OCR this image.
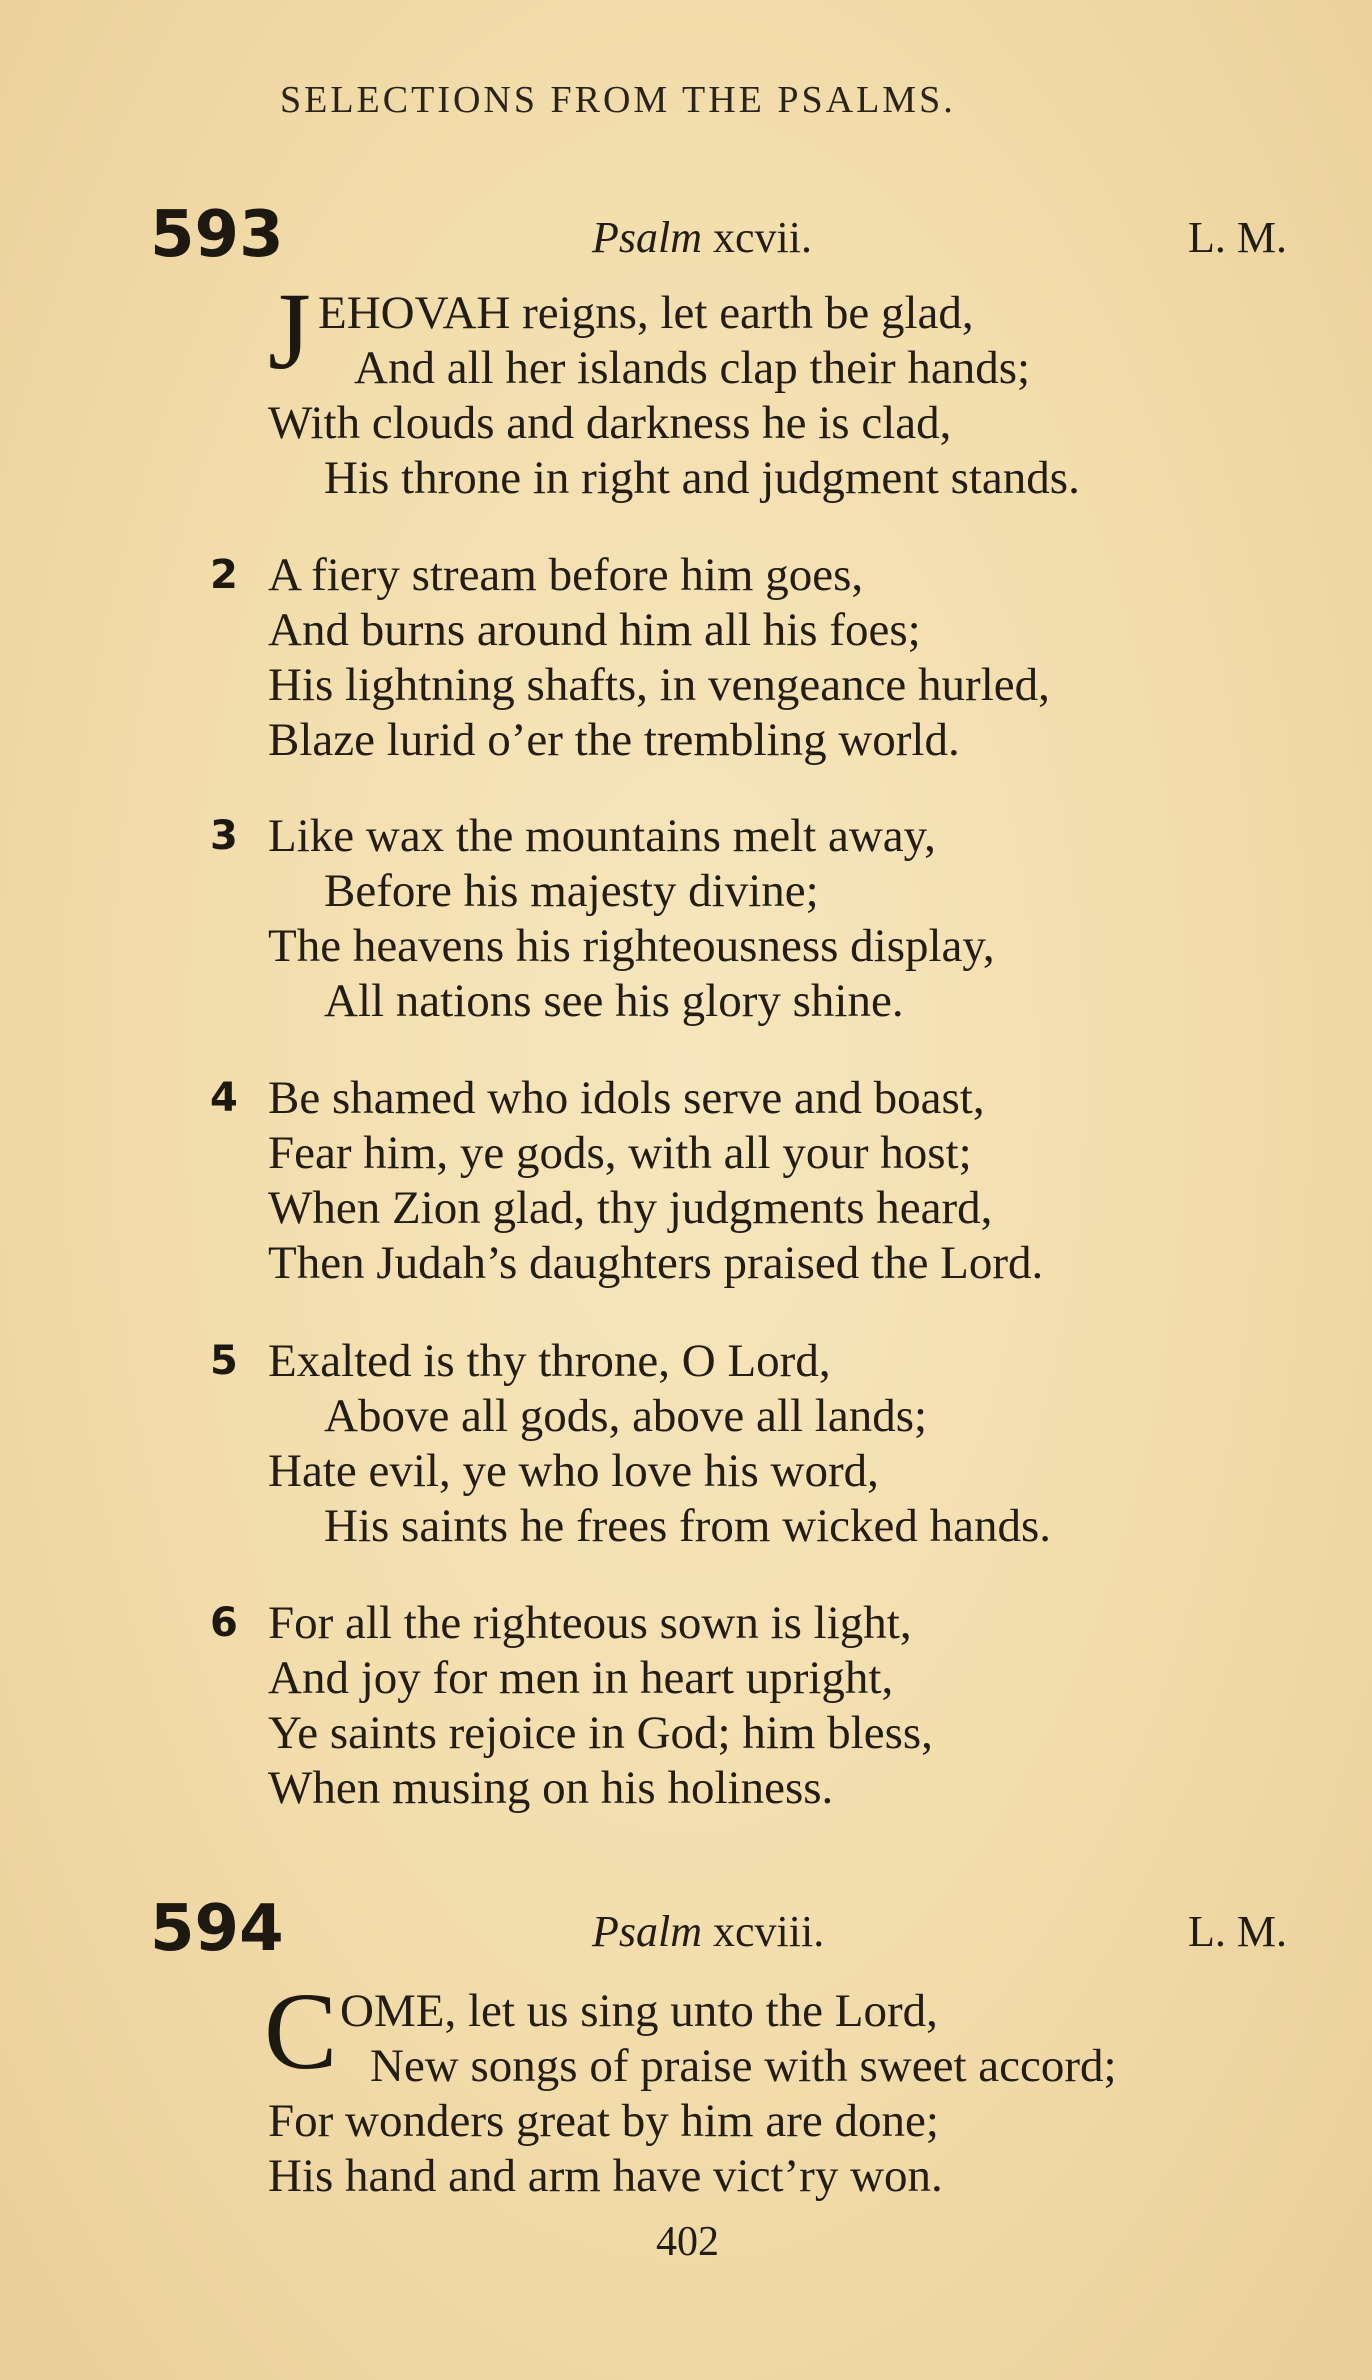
SELECTIONS FROM THE PSALMS.
593	Psalm xcvii.	L. M.
J EHOVAH reigns, let earth be glad,
And all her islands clap their hands;
With clouds and darkness he is clad,
His throne in right and judgment stands.
2 A fiery stream before him goes,
And burns around him all his foes;
His lightning shafts, in vengeance hurled,
Blaze lurid o’er the trembling world.
3 Like wax the mountains melt away,
Before his majesty divine;
The heavens his righteousness display,
All nations see his glory shine.
4 Be shamed who idols serve and boast,
Fear him, ye gods, with all your host;
When Zion glad, thy judgments heard,
Then Judah’s daughters praised the Lord.
5 Exalted is thy throne, O Lord,
Above all gods, above all lands;
Hate evil, ye who love his word,
His saints he frees from wicked hands.
6 For all the righteous sown is light,
And joy for men in heart upright,
Ye saints rejoice in God; him bless,
When musing on his holiness.
594	Psalm xcviii.	L. M.
C OME, let us sing unto the Lord,
New songs of praise with sweet accord;
For wonders great by him are done;
His hand and arm have vict’ry won.
402
